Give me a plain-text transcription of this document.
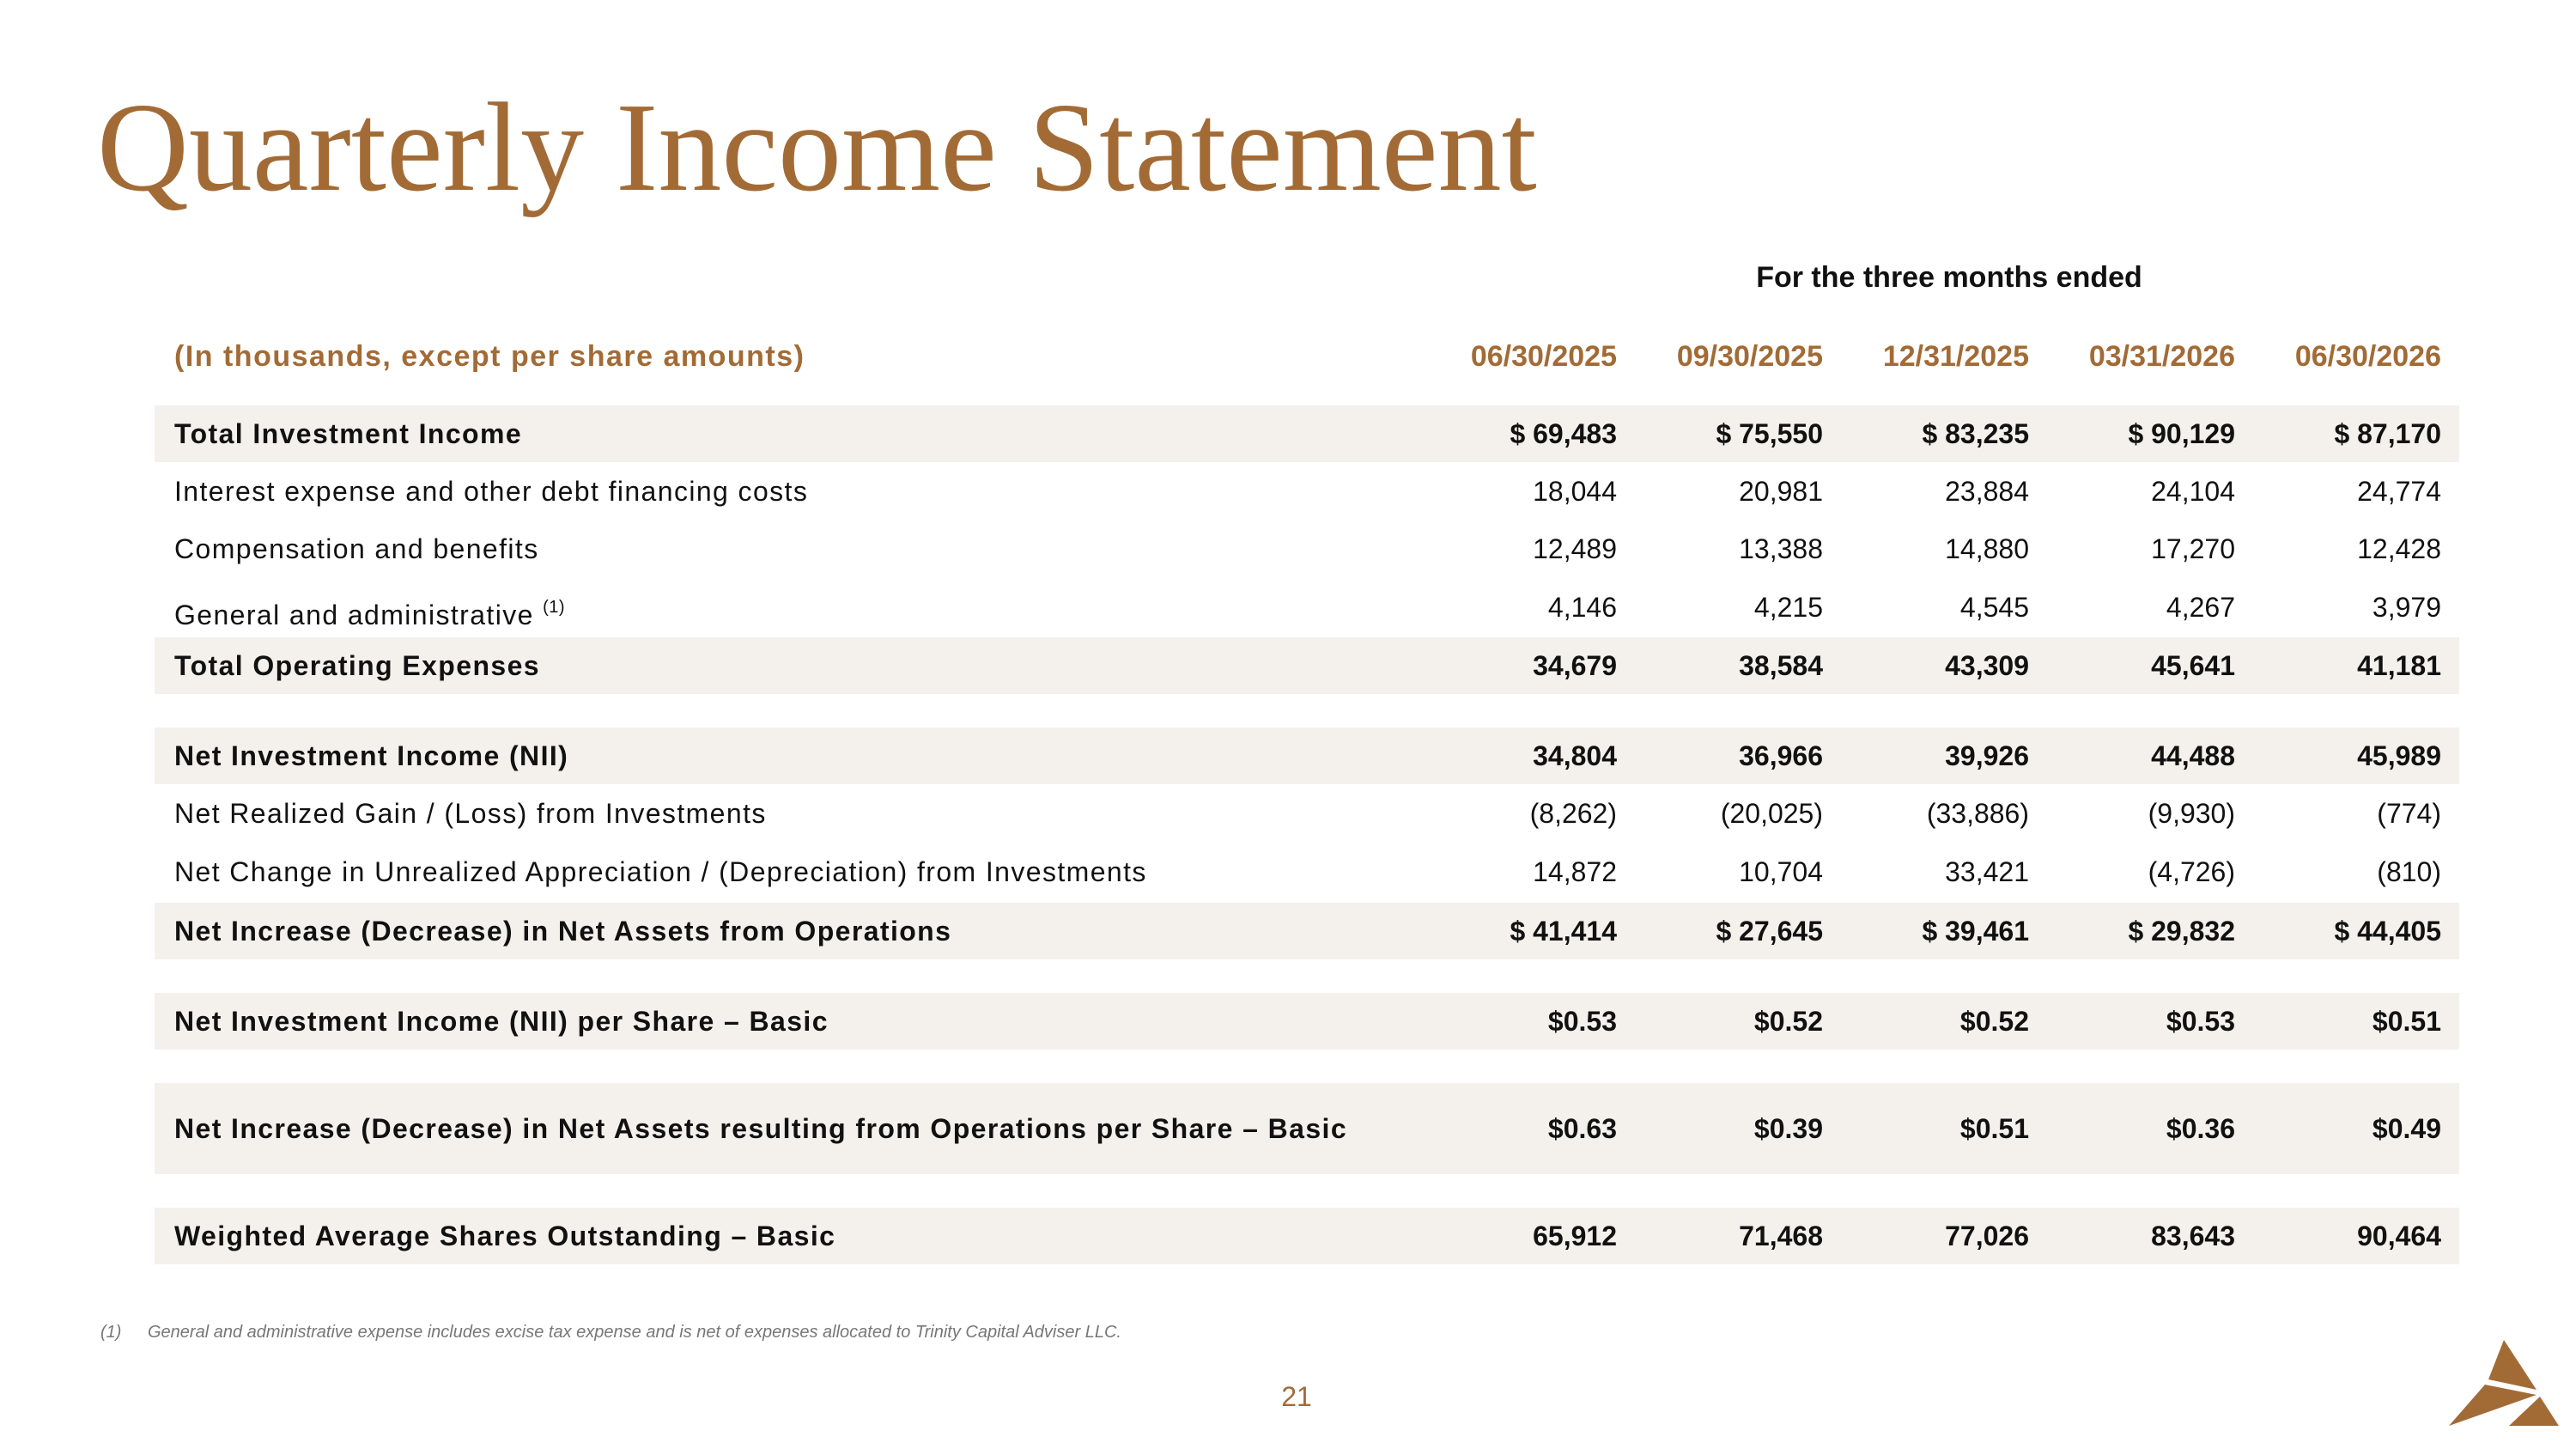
Quarterly Income Statement
For the three months ended
(In thousands, except per share amounts)	06/30/2025	09/30/2025	12/31/2025	03/31/2026	06/30/2026
Total Investment Income	$ 69,483	$ 75,550	$ 83,235	$ 90,129	$ 87,170
Interest expense and other debt financing costs	18,044	20,981	23,884	24,104	24,774
Compensation and benefits	12,489	13,388	14,880	17,270	12,428
General and administrative $^{(1)}$	4,146	4,215	4,545	4,267	3,979
Total Operating Expenses	34,679	38,584	43,309	45,641	41,181
Net Investment Income (NII)	34,804	36,966	39,926	44,488	45,989
Net Realized Gain / (Loss) from Investments	(8,262)	(20,025)	(33,886)	(9,930)	(774)
Net Change in Unrealized Appreciation / (Depreciation) from Investments	14,872	10,704	33,421	(4,726)	(810)
Net Increase (Decrease) in Net Assets from Operations	$ 41,414	$ 27,645	$ 39,461	$ 29,832	$ 44,405
Net Investment Income (NII) per Share – Basic	$0.53	$0.52	$0.52	$0.53	$0.51
Net Increase (Decrease) in Net Assets resulting from Operations per Share – Basic	$0.63	$0.39	$0.51	$0.36	$0.49
Weighted Average Shares Outstanding – Basic	65,912	71,468	77,026	83,643	90,464
(1) General and administrative expense includes excise tax expense and is net of expenses allocated to Trinity Capital Adviser LLC.
21
